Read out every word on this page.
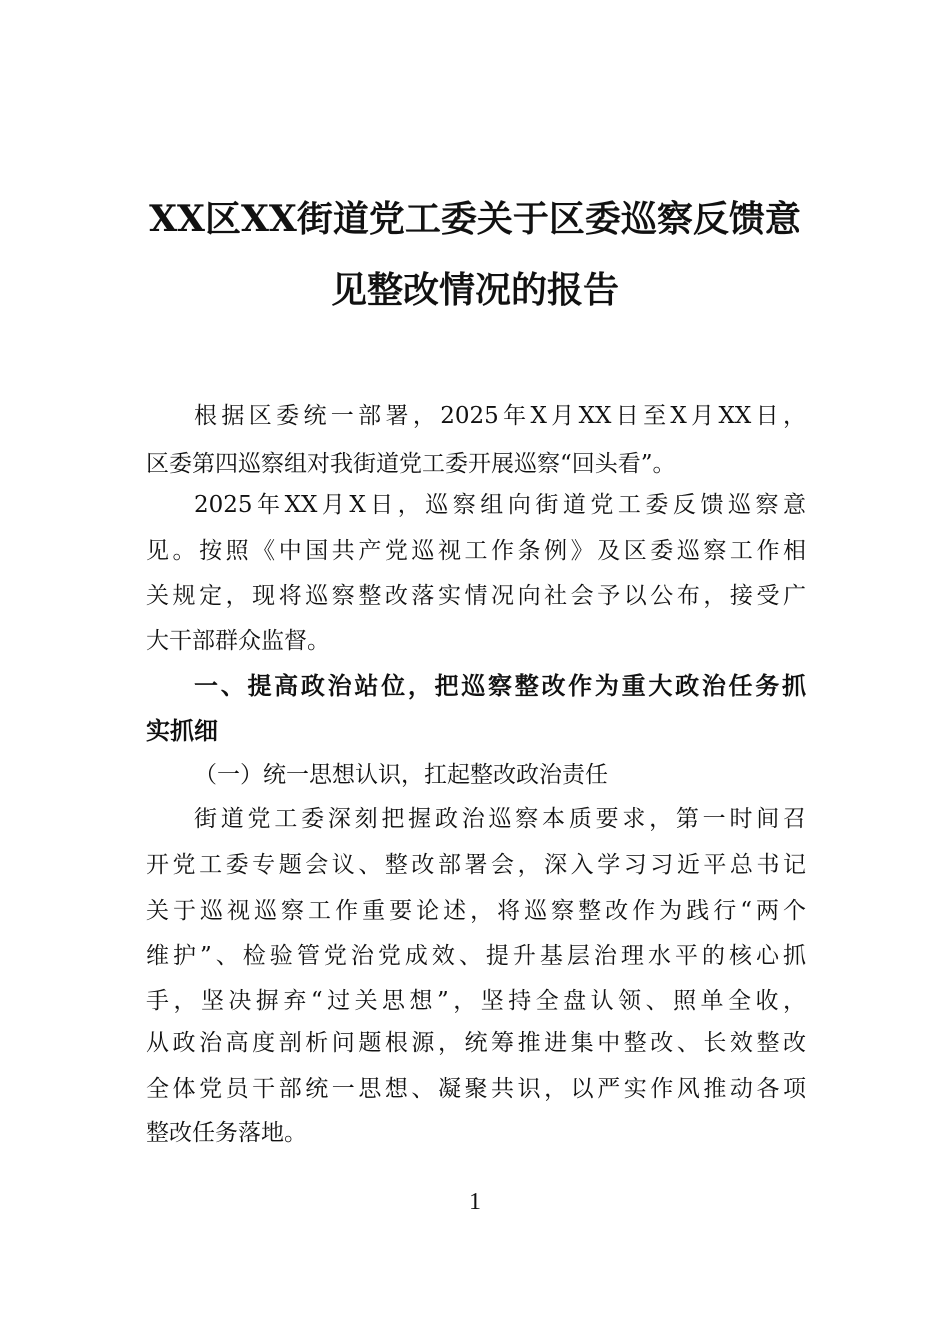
XX区XX街道党工委关于区委巡察反馈意
见整改情况的报告
根据区委统一部署，2025年X月XX日至X月XX日，
区委第四巡察组对我街道党工委开展巡察“回头看”。
2025年XX月X日，巡察组向街道党工委反馈巡察意
见。按照《中国共产党巡视工作条例》及区委巡察工作相
关规定，现将巡察整改落实情况向社会予以公布，接受广
大干部群众监督。
一、提高政治站位，把巡察整改作为重大政治任务抓
实抓细
（一）统一思想认识，扛起整改政治责任
街道党工委深刻把握政治巡察本质要求，第一时间召
开党工委专题会议、整改部署会，深入学习习近平总书记
关于巡视巡察工作重要论述，将巡察整改作为践行“两个
维护”、检验管党治党成效、提升基层治理水平的核心抓
手，坚决摒弃“过关思想”，坚持全盘认领、照单全收，
从政治高度剖析问题根源，统筹推进集中整改、长效整改
全体党员干部统一思想、凝聚共识，以严实作风推动各项
整改任务落地。
1
